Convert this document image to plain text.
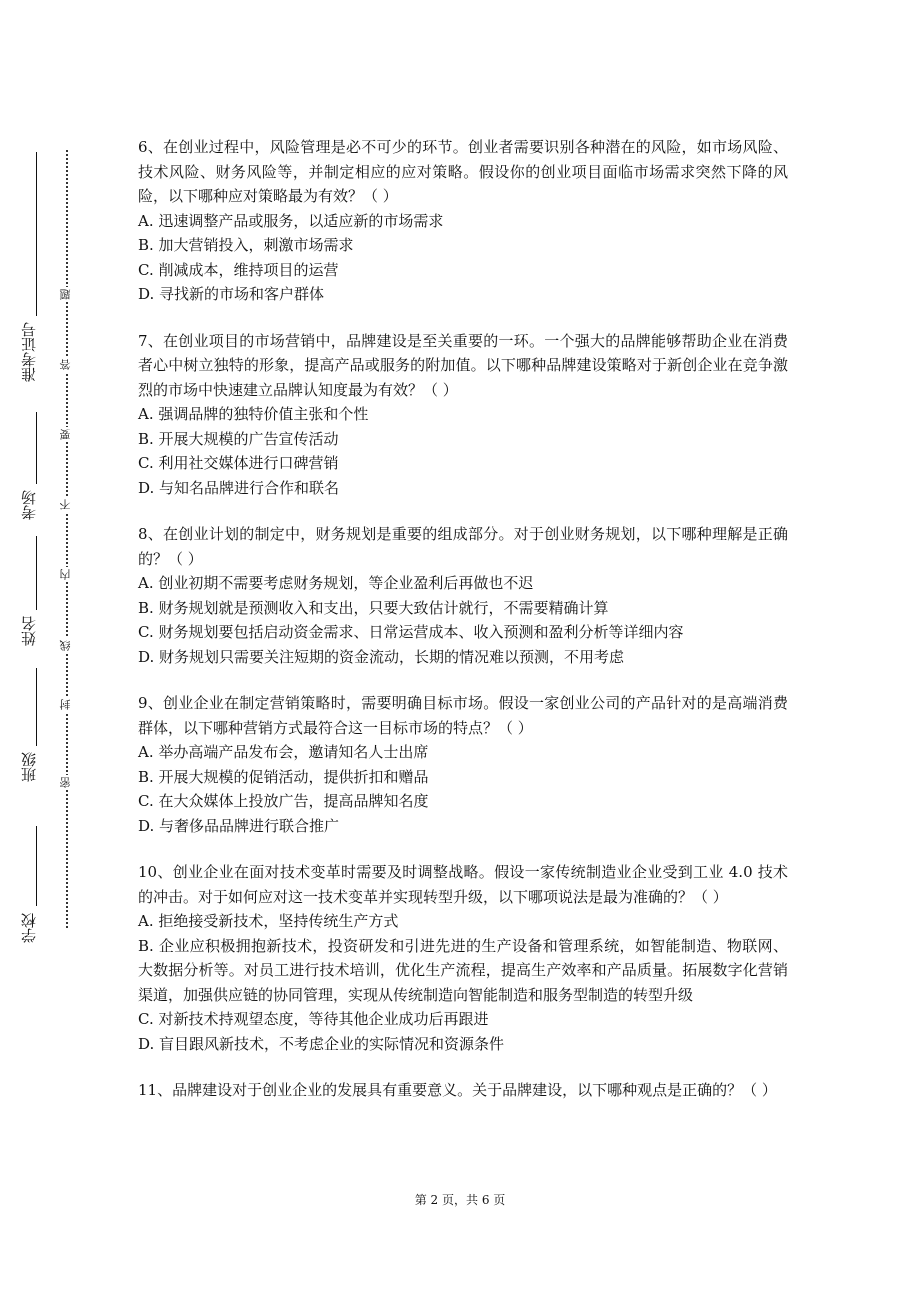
学校
班级
姓名
考场
准考证号
密
封
线
内
不
要
答
题

6、在创业过程中，风险管理是必不可少的环节。创业者需要识别各种潜在的风险，如市场风险、技术风险、财务风险等，并制定相应的应对策略。假设你的创业项目面临市场需求突然下降的风险，以下哪种应对策略最为有效？（ ）

A. 迅速调整产品或服务，以适应新的市场需求

B. 加大营销投入，刺激市场需求

C. 削减成本，维持项目的运营

D. 寻找新的市场和客户群体

7、在创业项目的市场营销中，品牌建设是至关重要的一环。一个强大的品牌能够帮助企业在消费者心中树立独特的形象，提高产品或服务的附加值。以下哪种品牌建设策略对于新创企业在竞争激烈的市场中快速建立品牌认知度最为有效？（ ）

A. 强调品牌的独特价值主张和个性

B. 开展大规模的广告宣传活动

C. 利用社交媒体进行口碑营销

D. 与知名品牌进行合作和联名

8、在创业计划的制定中，财务规划是重要的组成部分。对于创业财务规划，以下哪种理解是正确的？（ ）

A. 创业初期不需要考虑财务规划，等企业盈利后再做也不迟

B. 财务规划就是预测收入和支出，只要大致估计就行，不需要精确计算

C. 财务规划要包括启动资金需求、日常运营成本、收入预测和盈利分析等详细内容

D. 财务规划只需要关注短期的资金流动，长期的情况难以预测，不用考虑

9、创业企业在制定营销策略时，需要明确目标市场。假设一家创业公司的产品针对的是高端消费群体，以下哪种营销方式最符合这一目标市场的特点？（ ）

A. 举办高端产品发布会，邀请知名人士出席

B. 开展大规模的促销活动，提供折扣和赠品

C. 在大众媒体上投放广告，提高品牌知名度

D. 与奢侈品品牌进行联合推广

10、创业企业在面对技术变革时需要及时调整战略。假设一家传统制造业企业受到工业 4.0 技术的冲击。对于如何应对这一技术变革并实现转型升级，以下哪项说法是最为准确的？（ ）

A. 拒绝接受新技术，坚持传统生产方式

B. 企业应积极拥抱新技术，投资研发和引进先进的生产设备和管理系统，如智能制造、物联网、大数据分析等。对员工进行技术培训，优化生产流程，提高生产效率和产品质量。拓展数字化营销渠道，加强供应链的协同管理，实现从传统制造向智能制造和服务型制造的转型升级

C. 对新技术持观望态度，等待其他企业成功后再跟进

D. 盲目跟风新技术，不考虑企业的实际情况和资源条件

11、品牌建设对于创业企业的发展具有重要意义。关于品牌建设，以下哪种观点是正确的？（ ）

第 2 页，共 6 页
